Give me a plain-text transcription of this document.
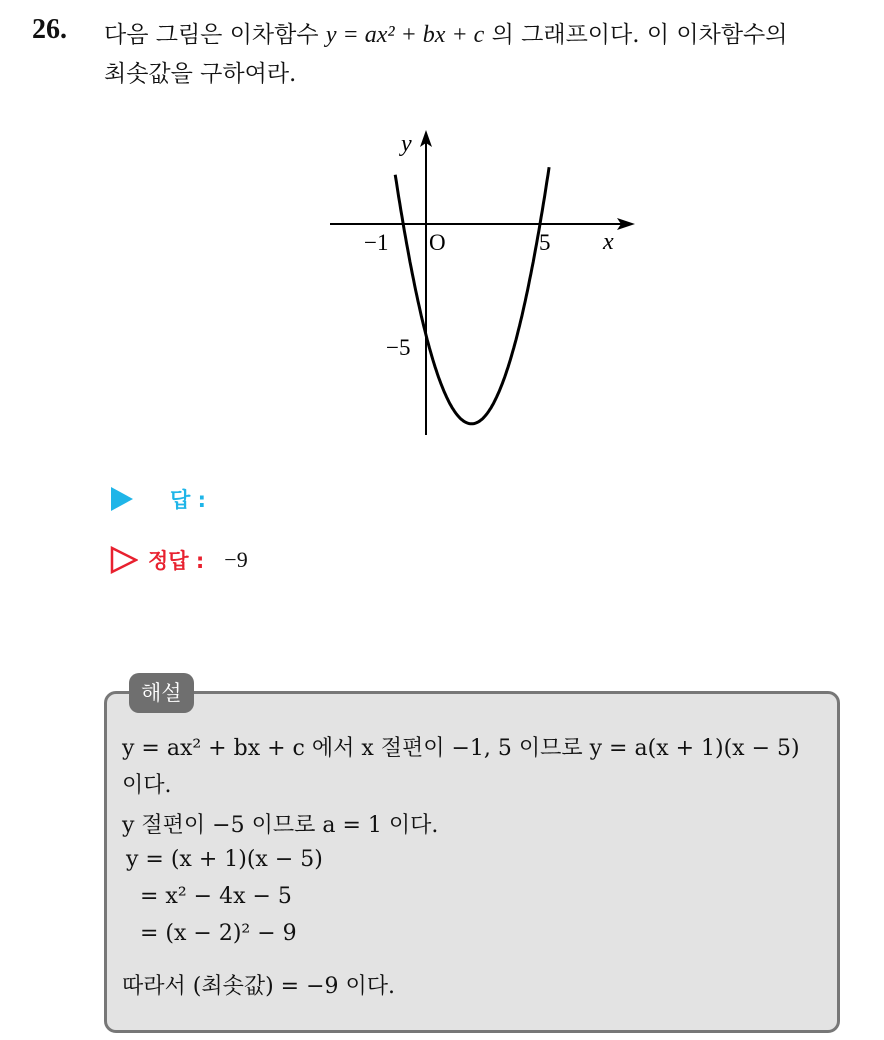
26. 다음 그림은 이차함수 y = ax² + bx + c 의 그래프이다. 이 이차함수의
최솟값을 구하여라.
x
y
O
−1	5
−5
답 :
정답 : −9
해설
y = ax² + bx + c 에서 x 절편이 −1, 5 이므로 y = a(x + 1)(x − 5)
이다.
y 절편이 −5 이므로 a = 1 이다.
y = (x + 1)(x − 5)
= x² − 4x − 5
= (x − 2)² − 9
따라서 (최솟값) = −9 이다.
